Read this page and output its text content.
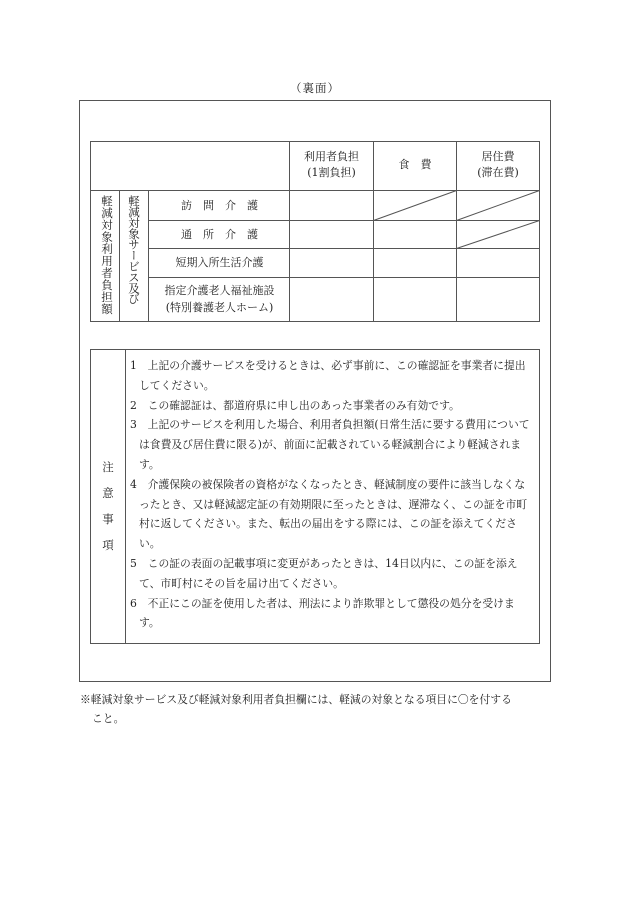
（裏面）
利用者負担
(1割負担)
食　費
居住費
(滞在費)
軽減対象利用者負担額 軽減対象サービス及び	訪　問　介　護
通　所　介　護
短期入所生活介護
指定介護老人福祉施設
(特別養護老人ホーム)
注
意
事
項

1　上記の介護サービスを受けるときは、必ず事前に、この確認証を事業者に提出してください。

2　この確認証は、都道府県に申し出のあった事業者のみ有効です。

3　上記のサービスを利用した場合、利用者負担額(日常生活に要する費用については食費及び居住費に限る)が、前面に記載されている軽減割合により軽減されます。

4　介護保険の被保険者の資格がなくなったとき、軽減制度の要件に該当しなくなったとき、又は軽減認定証の有効期限に至ったときは、遅滞なく、この証を市町村に返してください。また、転出の届出をする際には、この証を添えてください。

5　この証の表面の記載事項に変更があったときは、14日以内に、この証を添えて、市町村にその旨を届け出てください。

6　不正にこの証を使用した者は、刑法により詐欺罪として懲役の処分を受けます。

※軽減対象サービス及び軽減対象利用者負担欄には、軽減の対象となる項目に〇を付する
こと。
